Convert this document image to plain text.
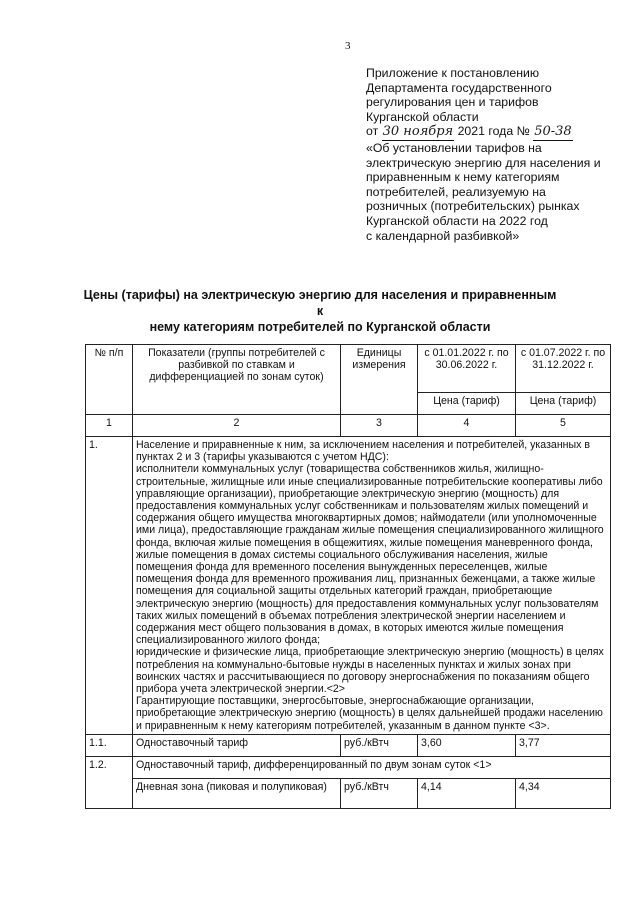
3
Приложение к постановлению
Департамента государственного
регулирования цен и тарифов
Курганской области
от 30 ноября 2021 года № 50-38
«Об установлении тарифов на
электрическую энергию для населения и
приравненным к нему категориям
потребителей, реализуемую на
розничных (потребительских) рынках
Курганской области на 2022 год
с календарной разбивкой»
Цены (тарифы) на электрическую энергию для населения и приравненным к
нему категориям потребителей по Курганской области
№ п/п	Показатели (группы потребителей с разбивкой по ставкам и дифференциацией по зонам суток)	Единицы измерения	с 01.01.2022 г. по 30.06.2022 г.	с 01.07.2022 г. по 31.12.2022 г.
			Цена (тариф)	Цена (тариф)
1	2	3	4	5
1.	Население и приравненные к ним, за исключением населения и потребителей, указанных в пунктах 2 и 3 (тарифы указываются с учетом НДС):
исполнители коммунальных услуг (товарищества собственников жилья, жилищно-строительные, жилищные или иные специализированные потребительские кооперативы либо управляющие организации), приобретающие электрическую энергию (мощность) для предоставления коммунальных услуг собственникам и пользователям жилых помещений и содержания общего имущества многоквартирных домов; наймодатели (или уполномоченные ими лица), предоставляющие гражданам жилые помещения специализированного жилищного фонда, включая жилые помещения в общежитиях, жилые помещения маневренного фонда, жилые помещения в домах системы социального обслуживания населения, жилые помещения фонда для временного поселения вынужденных переселенцев, жилые помещения фонда для временного проживания лиц, признанных беженцами, а также жилые помещения для социальной защиты отдельных категорий граждан, приобретающие электрическую энергию (мощность) для предоставления коммунальных услуг пользователям таких жилых помещений в объемах потребления электрической энергии населением и содержания мест общего пользования в домах, в которых имеются жилые помещения специализированного жилого фонда;
юридические и физические лица, приобретающие электрическую энергию (мощность) в целях потребления на коммунально-бытовые нужды в населенных пунктах и жилых зонах при воинских частях и рассчитывающиеся по договору энергоснабжения по показаниям общего прибора учета электрической энергии.<2>
Гарантирующие поставщики, энергосбытовые, энергоснабжающие организации, приобретающие электрическую энергию (мощность) в целях дальнейшей продажи населению и приравненным к нему категориям потребителей, указанным в данном пункте <3>.			
1.1.	Одноставочный тариф	руб./кВтч	3,60	3,77
1.2.	Одноставочный тариф, дифференцированный по двум зонам суток <1>			
	Дневная зона (пиковая и полупиковая)	руб./кВтч	4,14	4,34
